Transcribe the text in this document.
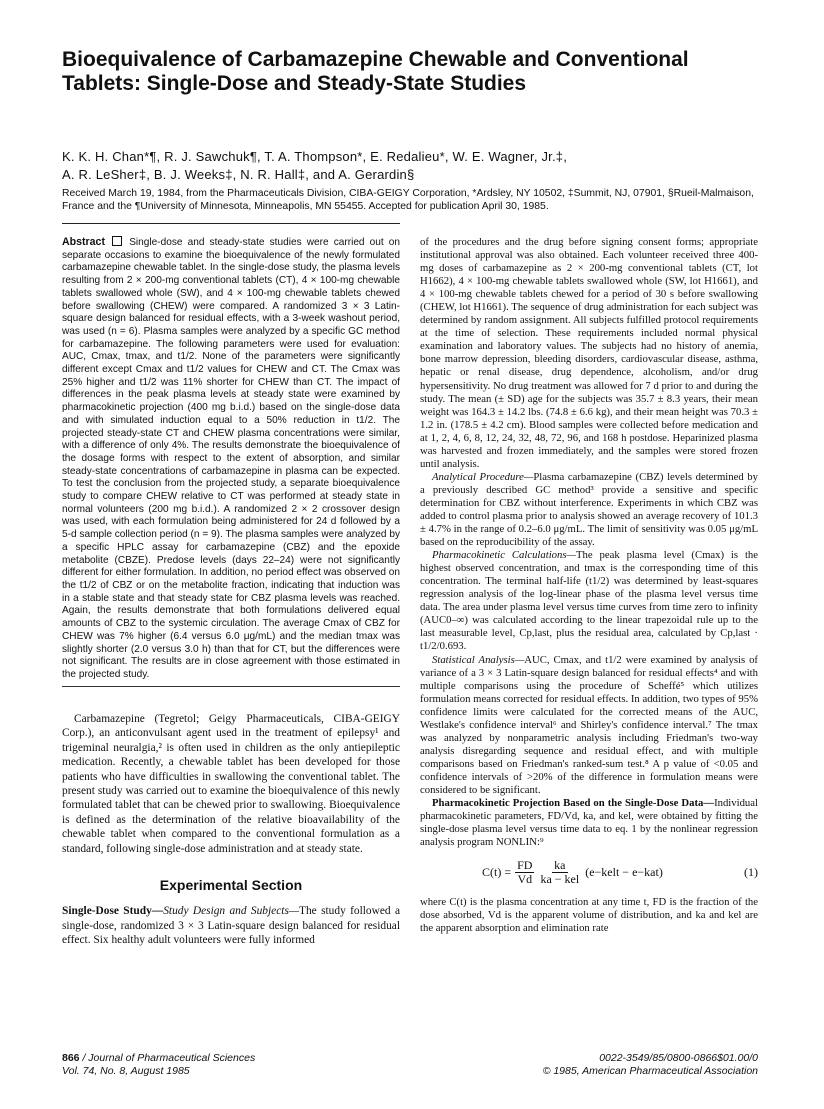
Bioequivalence of Carbamazepine Chewable and Conventional Tablets: Single-Dose and Steady-State Studies
K. K. H. Chan*¶, R. J. Sawchuk¶, T. A. Thompson*, E. Redalieu*, W. E. Wagner, Jr.‡,
A. R. LeSher‡, B. J. Weeks‡, N. R. Hall‡, and A. Gerardin§
Received March 19, 1984, from the Pharmaceuticals Division, CIBA-GEIGY Corporation, *Ardsley, NY 10502, ‡Summit, NJ, 07901, §Rueil-Malmaison, France and the ¶University of Minnesota, Minneapolis, MN 55455. Accepted for publication April 30, 1985.
Abstract Single-dose and steady-state studies were carried out on separate occasions to examine the bioequivalence of the newly formulated carbamazepine chewable tablet. In the single-dose study, the plasma levels resulting from 2 × 200-mg conventional tablets (CT), 4 × 100-mg chewable tablets swallowed whole (SW), and 4 × 100-mg chewable tablets chewed before swallowing (CHEW) were compared. A randomized 3 × 3 Latin-square design balanced for residual effects, with a 3-week washout period, was used (n = 6). Plasma samples were analyzed by a specific GC method for carbamazepine. The following parameters were used for evaluation: AUC, Cmax, tmax, and t1/2. None of the parameters were significantly different except Cmax and t1/2 values for CHEW and CT. The Cmax was 25% higher and t1/2 was 11% shorter for CHEW than CT. The impact of differences in the peak plasma levels at steady state were examined by pharmacokinetic projection (400 mg b.i.d.) based on the single-dose data and with simulated induction equal to a 50% reduction in t1/2. The projected steady-state CT and CHEW plasma concentrations were similar, with a difference of only 4%. The results demonstrate the bioequivalence of the dosage forms with respect to the extent of absorption, and similar steady-state concentrations of carbamazepine in plasma can be expected. To test the conclusion from the projected study, a separate bioequivalence study to compare CHEW relative to CT was performed at steady state in normal volunteers (200 mg b.i.d.). A randomized 2 × 2 crossover design was used, with each formulation being administered for 24 d followed by a 5-d sample collection period (n = 9). The plasma samples were analyzed by a specific HPLC assay for carbamazepine (CBZ) and the epoxide metabolite (CBZE). Predose levels (days 22–24) were not significantly different for either formulation. In addition, no period effect was observed on the t1/2 of CBZ or on the metabolite fraction, indicating that induction was in a stable state and that steady state for CBZ plasma levels was reached. Again, the results demonstrate that both formulations delivered equal amounts of CBZ to the systemic circulation. The average Cmax of CBZ for CHEW was 7% higher (6.4 versus 6.0 μg/mL) and the median tmax was slightly shorter (2.0 versus 3.0 h) than that for CT, but the differences were not significant. The results are in close agreement with those estimated in the projected study.

Carbamazepine (Tegretol; Geigy Pharmaceuticals, CIBA-GEIGY Corp.), an anticonvulsant agent used in the treatment of epilepsy¹ and trigeminal neuralgia,² is often used in children as the only antiepileptic medication. Recently, a chewable tablet has been developed for those patients who have difficulties in swallowing the conventional tablet. The present study was carried out to examine the bioequivalence of this newly formulated tablet that can be chewed prior to swallowing. Bioequivalence is defined as the determination of the relative bioavailability of the chewable tablet when compared to the conventional formulation as a standard, following single-dose administration and at steady state.

Experimental Section

Single-Dose Study—Study Design and Subjects—The study followed a single-dose, randomized 3 × 3 Latin-square design balanced for residual effect. Six healthy adult volunteers were fully informed

of the procedures and the drug before signing consent forms; appropriate institutional approval was also obtained. Each volunteer received three 400-mg doses of carbamazepine as 2 × 200-mg conventional tablets (CT, lot H1662), 4 × 100-mg chewable tablets swallowed whole (SW, lot H1661), and 4 × 100-mg chewable tablets chewed for a period of 30 s before swallowing (CHEW, lot H1661). The sequence of drug administration for each subject was determined by random assignment. All subjects fulfilled protocol requirements at the time of selection. These requirements included normal physical examination and laboratory values. The subjects had no history of anemia, bone marrow depression, bleeding disorders, cardiovascular disease, asthma, hepatic or renal disease, drug dependence, alcoholism, and/or drug hypersensitivity. No drug treatment was allowed for 7 d prior to and during the study. The mean (± SD) age for the subjects was 35.7 ± 8.3 years, their mean weight was 164.3 ± 14.2 lbs. (74.8 ± 6.6 kg), and their mean height was 70.3 ± 1.2 in. (178.5 ± 4.2 cm). Blood samples were collected before medication and at 1, 2, 4, 6, 8, 12, 24, 32, 48, 72, 96, and 168 h postdose. Heparinized plasma was harvested and frozen immediately, and the samples were stored frozen until analysis.

Analytical Procedure—Plasma carbamazepine (CBZ) levels determined by a previously described GC method³ provide a sensitive and specific determination for CBZ without interference. Experiments in which CBZ was added to control plasma prior to analysis showed an average recovery of 101.3 ± 4.7% in the range of 0.2–6.0 μg/mL. The limit of sensitivity was 0.05 μg/mL based on the reproducibility of the assay.

Pharmacokinetic Calculations—The peak plasma level (Cmax) is the highest observed concentration, and tmax is the corresponding time of this concentration. The terminal half-life (t1/2) was determined by least-squares regression analysis of the log-linear phase of the plasma level versus time data. The area under plasma level versus time curves from time zero to infinity (AUC0–∞) was calculated according to the linear trapezoidal rule up to the last measurable level, Cp,last, plus the residual area, calculated by Cp,last · t1/2/0.693.

Statistical Analysis—AUC, Cmax, and t1/2 were examined by analysis of variance of a 3 × 3 Latin-square design balanced for residual effects⁴ and with multiple comparisons using the procedure of Scheffé⁵ which utilizes formulation means corrected for residual effects. In addition, two types of 95% confidence limits were calculated for the corrected means of the AUC, Westlake's confidence interval⁶ and Shirley's confidence interval.⁷ The tmax was analyzed by nonparametric analysis including Friedman's two-way analysis disregarding sequence and residual effect, and with multiple comparisons based on Friedman's ranked-sum test.⁸ A p value of <0.05 and confidence intervals of >20% of the difference in formulation means were considered to be significant.

Pharmacokinetic Projection Based on the Single-Dose Data—Individual pharmacokinetic parameters, FD/Vd, ka, and kel, were obtained by fitting the single-dose plasma level versus time data to eq. 1 by the nonlinear regression analysis program NONLIN:⁹

$C(t) = \frac{FD}{Vd} \frac{ka}{\text{ka − kel}}$ (e−kelt − e−kat)	(1)

where C(t) is the plasma concentration at any time t, FD is the fraction of the dose absorbed, Vd is the apparent volume of distribution, and ka and kel are the apparent absorption and elimination rate

866 / Journal of Pharmaceutical Sciences
Vol. 74, No. 8, August 1985
0022-3549/85/0800-0866$01.00/0
© 1985, American Pharmaceutical Association
